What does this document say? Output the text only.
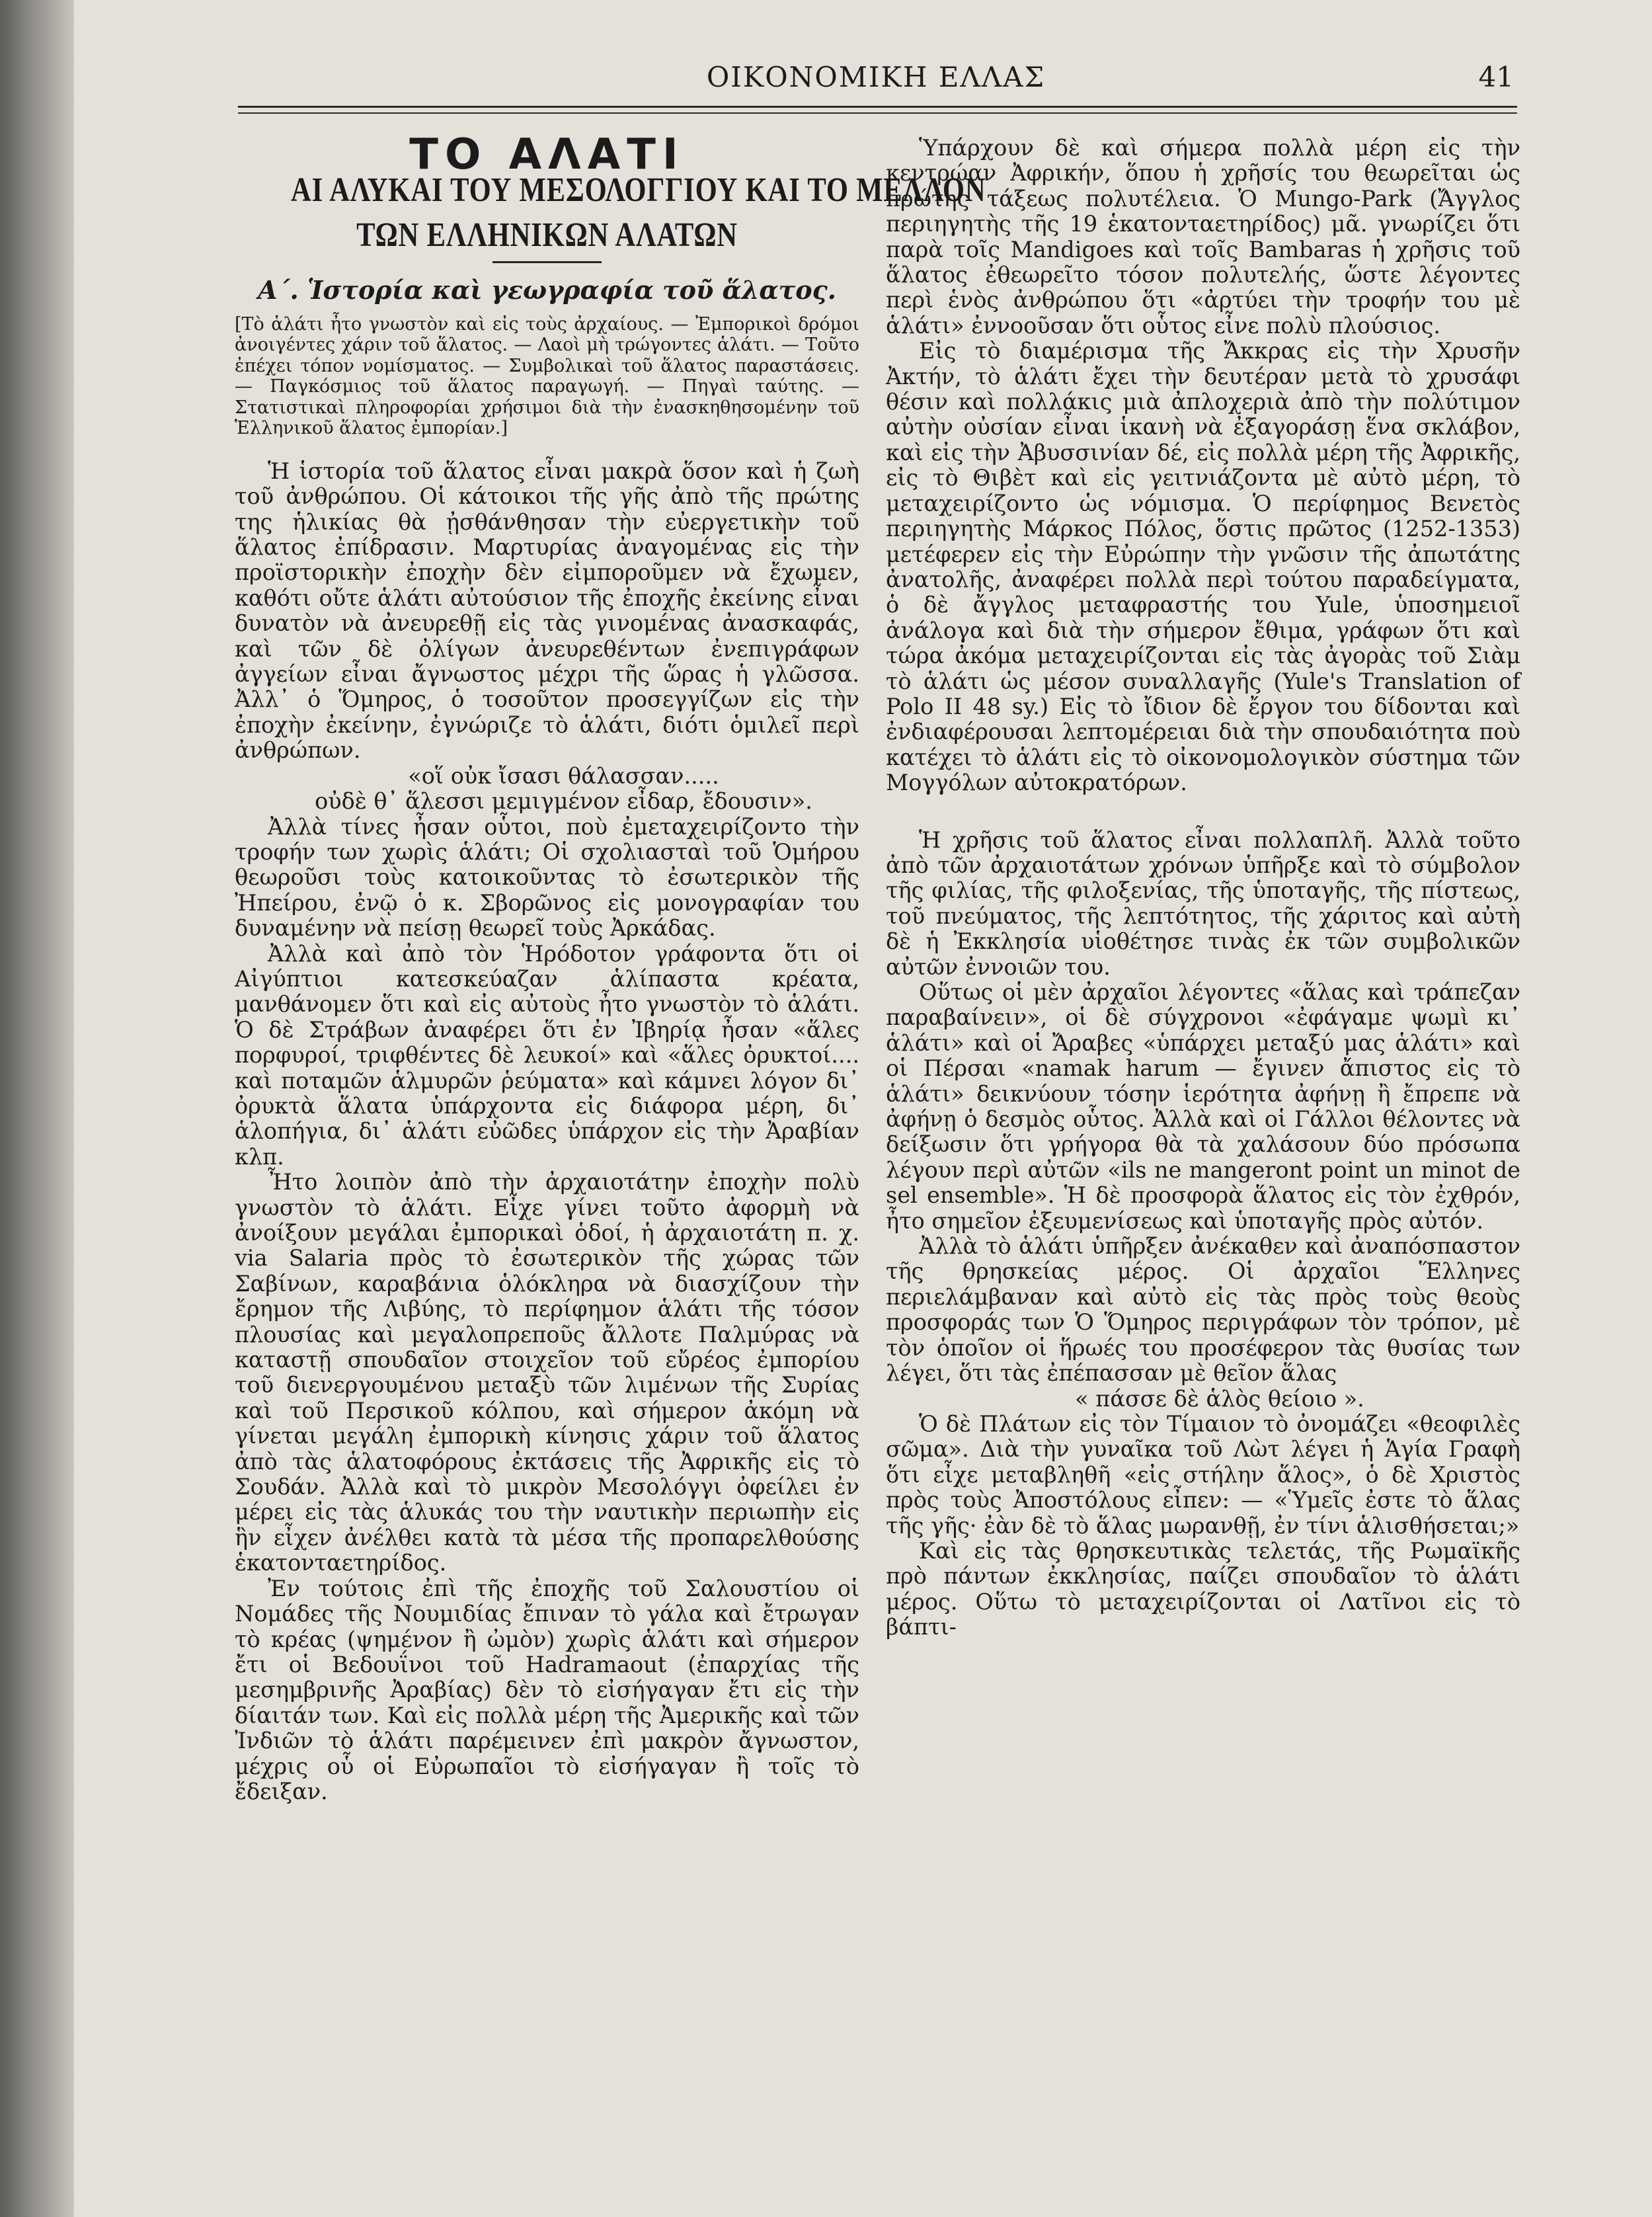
ΟΙΚΟΝΟΜΙΚΗ ΕΛΛΑΣ	41
ΤΟ ΑΛΑΤΙ
ΑΙ ΑΛΥΚΑΙ ΤΟΥ ΜΕΣΟΛΟΓΓΙΟΥ ΚΑΙ ΤΟ ΜΕΛΛΟΝ
ΤΩΝ ΕΛΛΗΝΙΚΩΝ ΑΛΑΤΩΝ
Α΄. Ἱστορία καὶ γεωγραφία τοῦ ἅλατος.
[Τὸ ἁλάτι ἦτο γνωστὸν καὶ εἰς τοὺς ἀρχαίους. — Ἐμπορικοὶ δρόμοι ἀνοιγέντες χάριν τοῦ ἅλατος. — Λαοὶ μὴ τρώγοντες ἁλάτι. — Τοῦτο ἐπέχει τόπον νομίσματος. — Συμβολικαὶ τοῦ ἅλατος παραστάσεις. — Παγκόσμιος τοῦ ἅλατος παραγωγή. — Πηγαὶ ταύτης. — Στατιστικαὶ πληροφορίαι χρήσιμοι διὰ τὴν ἐνασκηθησομένην τοῦ Ἑλληνικοῦ ἅλατος ἐμπορίαν.]

Ἡ ἱστορία τοῦ ἅλατος εἶναι μακρὰ ὅσον καὶ ἡ ζωὴ τοῦ ἀνθρώπου. Οἱ κάτοικοι τῆς γῆς ἀπὸ τῆς πρώτης της ἡλικίας θὰ ᾐσθάνθησαν τὴν εὐεργετικὴν τοῦ ἅλατος ἐπίδρασιν. Μαρτυρίας ἀναγομένας εἰς τὴν προϊστορικὴν ἐποχὴν δὲν εἰμποροῦμεν νὰ ἔχωμεν, καθότι οὔτε ἁλάτι αὐτούσιον τῆς ἐποχῆς ἐκείνης εἶναι δυνατὸν νὰ ἀνευρεθῇ εἰς τὰς γινομένας ἀνασκαφάς, καὶ τῶν δὲ ὀλίγων ἀνευρεθέντων ἐνεπιγράφων ἀγγείων εἶναι ἄγνωστος μέχρι τῆς ὥρας ἡ γλῶσσα. Ἀλλ᾽ ὁ Ὅμηρος, ὁ τοσοῦτον προσεγγίζων εἰς τὴν ἐποχὴν ἐκείνην, ἐγνώριζε τὸ ἁλάτι, διότι ὁμιλεῖ περὶ ἀνθρώπων.

«οἵ οὐκ ἴσασι θάλασσαν.....

οὐδὲ θ᾽ ἅλεσσι μεμιγμένον εἶδαρ, ἔδουσιν».

Ἀλλὰ τίνες ἦσαν οὗτοι, ποὺ ἐμεταχειρίζοντο τὴν τροφήν των χωρὶς ἁλάτι; Οἱ σχολιασταὶ τοῦ Ὁμήρου θεωροῦσι τοὺς κατοικοῦντας τὸ ἐσωτερικὸν τῆς Ἠπείρου, ἐνῷ ὁ κ. Σβορῶνος εἰς μονογραφίαν του δυναμένην νὰ πείσῃ θεωρεῖ τοὺς Ἀρκάδας.

Ἀλλὰ καὶ ἀπὸ τὸν Ἡρόδοτον γράφοντα ὅτι οἱ Αἰγύπτιοι κατεσκεύαζαν ἁλίπαστα κρέατα, μανθάνομεν ὅτι καὶ εἰς αὐτοὺς ἦτο γνωστὸν τὸ ἁλάτι. Ὁ δὲ Στράβων ἀναφέρει ὅτι ἐν Ἰβηρίᾳ ἦσαν «ἅλες πορφυροί, τριφθέντες δὲ λευκοί» καὶ «ἅλες ὀρυκτοί.... καὶ ποταμῶν ἁλμυρῶν ῥεύματα» καὶ κάμνει λόγον δι᾽ ὀρυκτὰ ἅλατα ὑπάρχοντα εἰς διάφορα μέρη, δι᾽ ἁλοπήγια, δι᾽ ἁλάτι εὐῶδες ὑπάρχον εἰς τὴν Ἀραβίαν κλπ.

Ἦτο λοιπὸν ἀπὸ τὴν ἀρχαιοτάτην ἐποχὴν πολὺ γνωστὸν τὸ ἁλάτι. Εἶχε γίνει τοῦτο ἀφορμὴ νὰ ἀνοίξουν μεγάλαι ἐμπορικαὶ ὁδοί, ἡ ἀρχαιοτάτη π. χ. via Salaria πρὸς τὸ ἐσωτερικὸν τῆς χώρας τῶν Σαβίνων, καραβάνια ὁλόκληρα νὰ διασχίζουν τὴν ἔρημον τῆς Λιβύης, τὸ περίφημον ἁλάτι τῆς τόσον πλουσίας καὶ μεγαλοπρεποῦς ἄλλοτε Παλμύρας νὰ καταστῇ σπουδαῖον στοιχεῖον τοῦ εὔρέος ἐμπορίου τοῦ διενεργουμένου μεταξὺ τῶν λιμένων τῆς Συρίας καὶ τοῦ Περσικοῦ κόλπου, καὶ σήμερον ἀκόμη νὰ γίνεται μεγάλη ἐμπορικὴ κίνησις χάριν τοῦ ἅλατος ἀπὸ τὰς ἁλατοφόρους ἐκτάσεις τῆς Ἀφρικῆς εἰς τὸ Σουδάν. Ἀλλὰ καὶ τὸ μικρὸν Μεσολόγγι ὀφείλει ἐν μέρει εἰς τὰς ἁλυκάς του τὴν ναυτικὴν περιωπὴν εἰς ἣν εἶχεν ἀνέλθει κατὰ τὰ μέσα τῆς προπαρελθούσης ἑκατονταετηρίδος.

Ἐν τούτοις ἐπὶ τῆς ἐποχῆς τοῦ Σαλουστίου οἱ Νομάδες τῆς Νουμιδίας ἔπιναν τὸ γάλα καὶ ἔτρωγαν τὸ κρέας (ψημένον ἢ ὠμὸν) χωρὶς ἁλάτι καὶ σήμερον ἔτι οἱ Βεδουΐνοι τοῦ Hadramaout (ἐπαρχίας τῆς μεσημβρινῆς Ἀραβίας) δὲν τὸ εἰσήγαγαν ἔτι εἰς τὴν δίαιτάν των. Καὶ εἰς πολλὰ μέρη τῆς Ἀμερικῆς καὶ τῶν Ἰνδιῶν τὸ ἁλάτι παρέμεινεν ἐπὶ μακρὸν ἄγνωστον, μέχρις οὗ οἱ Εὐρωπαῖοι τὸ εἰσήγαγαν ἢ τοῖς τὸ ἔδειξαν.

Ὑπάρχουν δὲ καὶ σήμερα πολλὰ μέρη εἰς τὴν κεντρῴαν Ἀφρικήν, ὅπου ἡ χρῆσίς του θεωρεῖται ὡς πρώτης τάξεως πολυτέλεια. Ὁ Mungo-Park (Ἄγγλος περιηγητὴς τῆς 19 ἑκατονταετηρίδος) μᾶ. γνωρίζει ὅτι παρὰ τοῖς Mandigoes καὶ τοῖς Bambaras ἡ χρῆσις τοῦ ἅλατος ἐθεωρεῖτο τόσον πολυτελής, ὥστε λέγοντες περὶ ἑνὸς ἀνθρώπου ὅτι «ἀρτύει τὴν τροφήν του μὲ ἁλάτι» ἐννοοῦσαν ὅτι οὗτος εἶνε πολὺ πλούσιος.

Εἰς τὸ διαμέρισμα τῆς Ἄκκρας εἰς τὴν Χρυσῆν Ἀκτήν, τὸ ἁλάτι ἔχει τὴν δευτέραν μετὰ τὸ χρυσάφι θέσιν καὶ πολλάκις μιὰ ἀπλοχεριὰ ἀπὸ τὴν πολύτιμον αὐτὴν οὐσίαν εἶναι ἱκανὴ νὰ ἐξαγοράσῃ ἕνα σκλάβον, καὶ εἰς τὴν Ἀβυσσινίαν δέ, εἰς πολλὰ μέρη τῆς Ἀφρικῆς, εἰς τὸ Θιβὲτ καὶ εἰς γειτνιάζοντα μὲ αὐτὸ μέρη, τὸ μεταχειρίζοντο ὡς νόμισμα. Ὁ περίφημος Βενετὸς περιηγητὴς Μάρκος Πόλος, ὅστις πρῶτος (1252-1353) μετέφερεν εἰς τὴν Εὐρώπην τὴν γνῶσιν τῆς ἀπωτάτης ἀνατολῆς, ἀναφέρει πολλὰ περὶ τούτου παραδείγματα, ὁ δὲ ἄγγλος μεταφραστής του Yule, ὑποσημειοῖ ἀνάλογα καὶ διὰ τὴν σήμερον ἔθιμα, γράφων ὅτι καὶ τώρα ἀκόμα μεταχειρίζονται εἰς τὰς ἀγορὰς τοῦ Σιὰμ τὸ ἁλάτι ὡς μέσον συναλλαγῆς (Yule's Translation of Polo II 48 sy.) Εἰς τὸ ἴδιον δὲ ἔργον του δίδονται καὶ ἐνδιαφέρουσαι λεπτομέρειαι διὰ τὴν σπουδαιότητα ποὺ κατέχει τὸ ἁλάτι εἰς τὸ οἰκονομολογικὸν σύστημα τῶν Μογγόλων αὐτοκρατόρων.

Ἡ χρῆσις τοῦ ἅλατος εἶναι πολλαπλῆ. Ἀλλὰ τοῦτο ἀπὸ τῶν ἀρχαιοτάτων χρόνων ὑπῆρξε καὶ τὸ σύμβολον τῆς φιλίας, τῆς φιλοξενίας, τῆς ὑποταγῆς, τῆς πίστεως, τοῦ πνεύματος, τῆς λεπτότητος, τῆς χάριτος καὶ αὐτὴ δὲ ἡ Ἐκκλησία υἱοθέτησε τινὰς ἐκ τῶν συμβολικῶν αὐτῶν ἐννοιῶν του.

Οὕτως οἱ μὲν ἀρχαῖοι λέγοντες «ἅλας καὶ τράπεζαν παραβαίνειν», οἱ δὲ σύγχρονοι «ἐφάγαμε ψωμὶ κι᾽ ἁλάτι» καὶ οἱ Ἄραβες «ὑπάρχει μεταξύ μας ἁλάτι» καὶ οἱ Πέρσαι «namak harum — ἔγινεν ἄπιστος εἰς τὸ ἁλάτι» δεικνύουν τόσην ἱερότητα ἀφήνῃ ἢ ἔπρεπε νὰ ἀφήνῃ ὁ δεσμὸς οὗτος. Ἀλλὰ καὶ οἱ Γάλλοι θέλοντες νὰ δείξωσιν ὅτι γρήγορα θὰ τὰ χαλάσουν δύο πρόσωπα λέγουν περὶ αὐτῶν «ils ne mangeront point un minot de sel ensemble». Ἡ δὲ προσφορὰ ἅλατος εἰς τὸν ἐχθρόν, ἦτο σημεῖον ἐξευμενίσεως καὶ ὑποταγῆς πρὸς αὐτόν.

Ἀλλὰ τὸ ἁλάτι ὑπῆρξεν ἀνέκαθεν καὶ ἀναπόσπαστον τῆς θρησκείας μέρος. Οἱ ἀρχαῖοι Ἕλληνες περιελάμβαναν καὶ αὐτὸ εἰς τὰς πρὸς τοὺς θεοὺς προσφοράς των Ὁ Ὅμηρος περιγράφων τὸν τρόπον, μὲ τὸν ὁποῖον οἱ ἥρωές του προσέφερον τὰς θυσίας των λέγει, ὅτι τὰς ἐπέπασσαν μὲ θεῖον ἅλας

« πάσσε δὲ ἁλὸς θείοιο ».

Ὁ δὲ Πλάτων εἰς τὸν Τίμαιον τὸ ὀνομάζει «θεοφιλὲς σῶμα». Διὰ τὴν γυναῖκα τοῦ Λὼτ λέγει ἡ Ἁγία Γραφὴ ὅτι εἶχε μεταβληθῆ «εἰς στήλην ἅλος», ὁ δὲ Χριστὸς πρὸς τοὺς Ἀποστόλους εἶπεν: — «Ὑμεῖς ἐστε τὸ ἅλας τῆς γῆς· ἐὰν δὲ τὸ ἅλας μωρανθῇ, ἐν τίνι ἁλισθήσεται;»

Καὶ εἰς τὰς θρησκευτικὰς τελετάς, τῆς Ρωμαϊκῆς πρὸ πάντων ἐκκλησίας, παίζει σπουδαῖον τὸ ἁλάτι μέρος. Οὕτω τὸ μεταχειρίζονται οἱ Λατῖνοι εἰς τὸ βάπτι-
